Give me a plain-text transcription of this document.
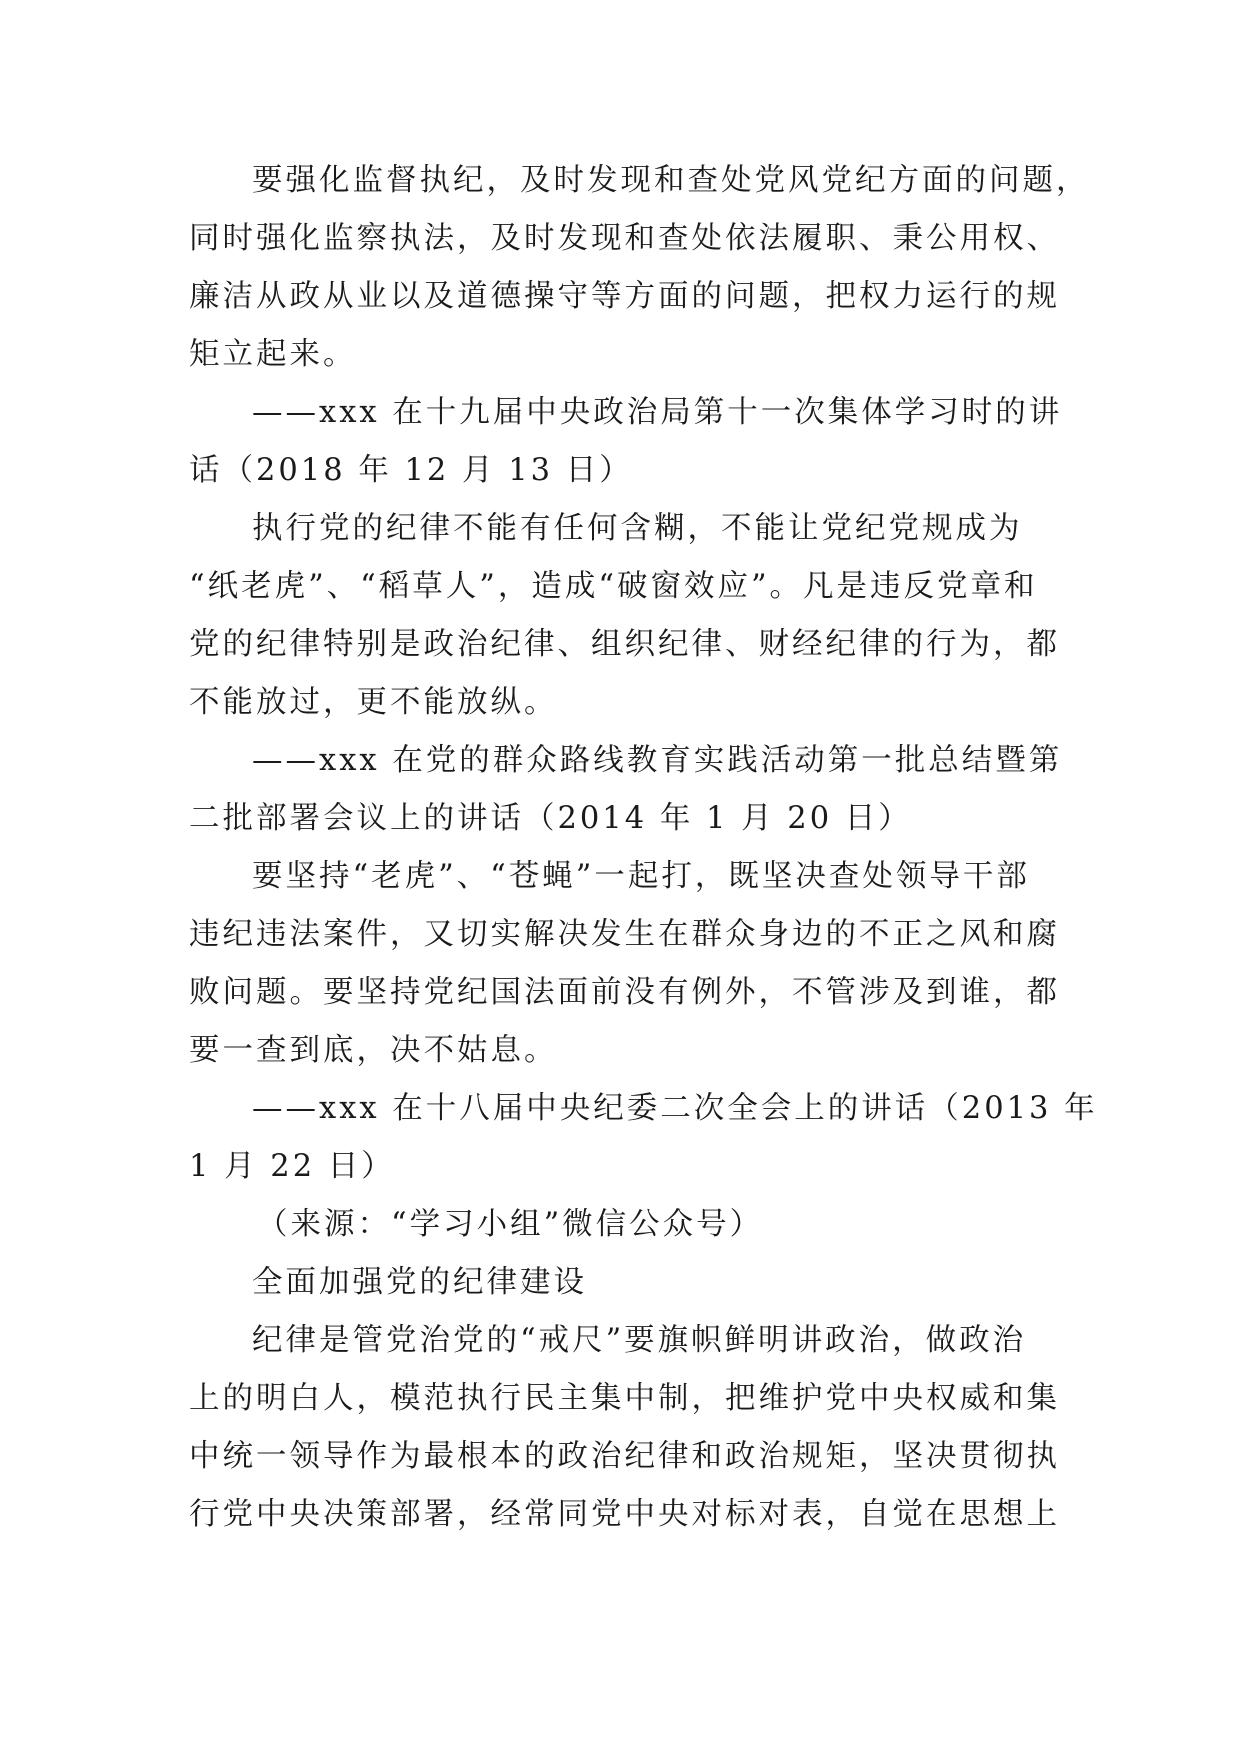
要强化监督执纪，及时发现和查处党风党纪方面的问题，
同时强化监察执法，及时发现和查处依法履职、秉公用权、
廉洁从政从业以及道德操守等方面的问题，把权力运行的规
矩立起来。
——xxx 在十九届中央政治局第十一次集体学习时的讲
话（2018 年 12 月 13 日）
执行党的纪律不能有任何含糊，不能让党纪党规成为
“纸老虎”、“稻草人”，造成“破窗效应”。凡是违反党章和
党的纪律特别是政治纪律、组织纪律、财经纪律的行为，都
不能放过，更不能放纵。
——xxx 在党的群众路线教育实践活动第一批总结暨第
二批部署会议上的讲话（2014 年 1 月 20 日）
要坚持“老虎”、“苍蝇”一起打，既坚决查处领导干部
违纪违法案件，又切实解决发生在群众身边的不正之风和腐
败问题。要坚持党纪国法面前没有例外，不管涉及到谁，都
要一查到底，决不姑息。
——xxx 在十八届中央纪委二次全会上的讲话（2013 年
1 月 22 日）
（来源：“学习小组”微信公众号）
全面加强党的纪律建设
纪律是管党治党的“戒尺”要旗帜鲜明讲政治，做政治
上的明白人，模范执行民主集中制，把维护党中央权威和集
中统一领导作为最根本的政治纪律和政治规矩，坚决贯彻执
行党中央决策部署，经常同党中央对标对表，自觉在思想上
